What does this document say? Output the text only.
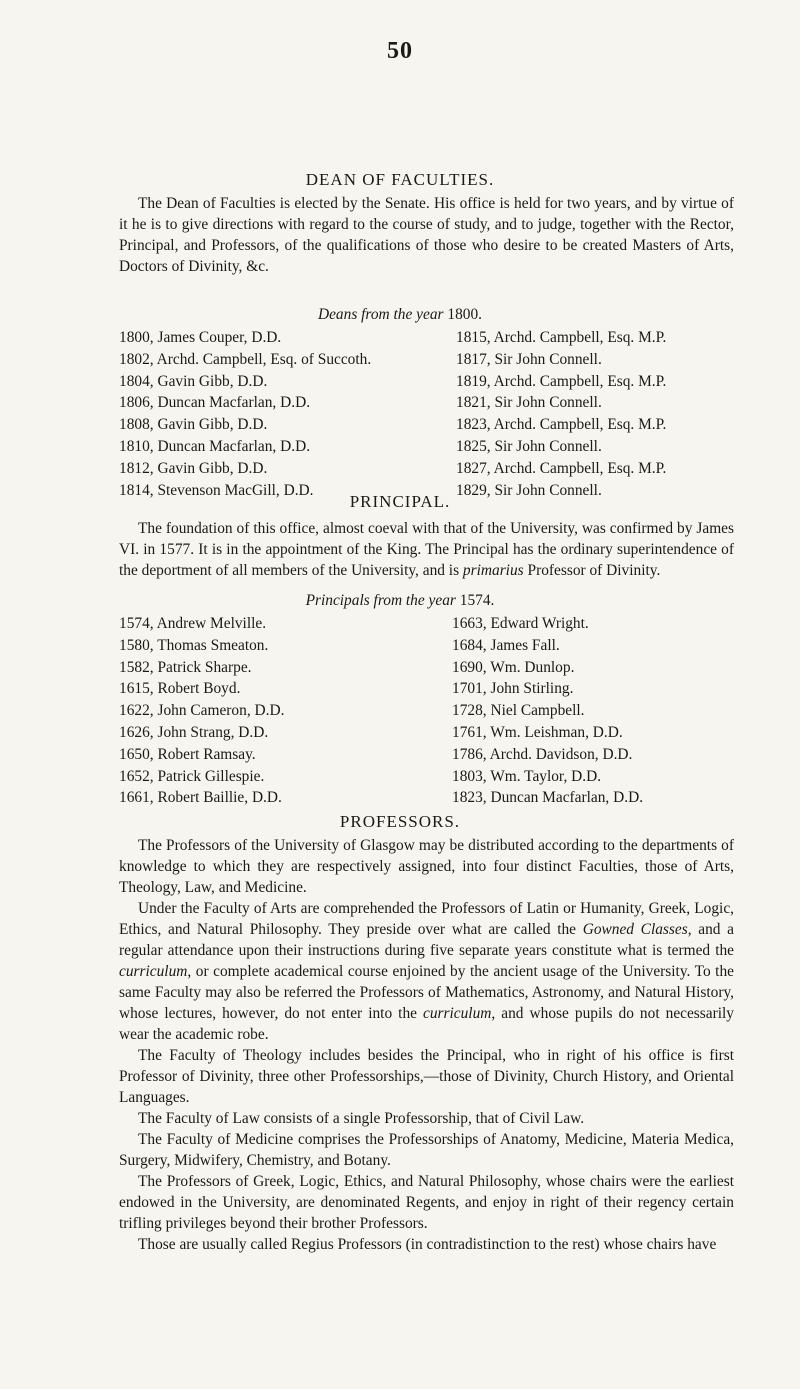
50
DEAN OF FACULTIES.

The Dean of Faculties is elected by the Senate. His office is held for two years, and by virtue of it he is to give directions with regard to the course of study, and to judge, together with the Rector, Principal, and Professors, of the qualifications of those who desire to be created Masters of Arts, Doctors of Divinity, &c.

Deans from the year 1800.
1800, James Couper, D.D.
1802, Archd. Campbell, Esq. of Succoth.
1804, Gavin Gibb, D.D.
1806, Duncan Macfarlan, D.D.
1808, Gavin Gibb, D.D.
1810, Duncan Macfarlan, D.D.
1812, Gavin Gibb, D.D.
1814, Stevenson MacGill, D.D.
1815, Archd. Campbell, Esq. M.P.
1817, Sir John Connell.
1819, Archd. Campbell, Esq. M.P.
1821, Sir John Connell.
1823, Archd. Campbell, Esq. M.P.
1825, Sir John Connell.
1827, Archd. Campbell, Esq. M.P.
1829, Sir John Connell.
PRINCIPAL.

The foundation of this office, almost coeval with that of the University, was confirmed by James VI. in 1577. It is in the appointment of the King. The Principal has the ordinary superintendence of the deportment of all members of the University, and is primarius Professor of Divinity.

Principals from the year 1574.
1574, Andrew Melville.
1580, Thomas Smeaton.
1582, Patrick Sharpe.
1615, Robert Boyd.
1622, John Cameron, D.D.
1626, John Strang, D.D.
1650, Robert Ramsay.
1652, Patrick Gillespie.
1661, Robert Baillie, D.D.
1663, Edward Wright.
1684, James Fall.
1690, Wm. Dunlop.
1701, John Stirling.
1728, Niel Campbell.
1761, Wm. Leishman, D.D.
1786, Archd. Davidson, D.D.
1803, Wm. Taylor, D.D.
1823, Duncan Macfarlan, D.D.
PROFESSORS.

The Professors of the University of Glasgow may be distributed according to the departments of knowledge to which they are respectively assigned, into four distinct Faculties, those of Arts, Theology, Law, and Medicine.

Under the Faculty of Arts are comprehended the Professors of Latin or Humanity, Greek, Logic, Ethics, and Natural Philosophy. They preside over what are called the Gowned Classes, and a regular attendance upon their instructions during five separate years constitute what is termed the curriculum, or complete academical course enjoined by the ancient usage of the University. To the same Faculty may also be referred the Professors of Mathematics, Astronomy, and Natural History, whose lectures, however, do not enter into the curriculum, and whose pupils do not necessarily wear the academic robe.

The Faculty of Theology includes besides the Principal, who in right of his office is first Professor of Divinity, three other Professorships,—those of Divinity, Church History, and Oriental Languages.

The Faculty of Law consists of a single Professorship, that of Civil Law.

The Faculty of Medicine comprises the Professorships of Anatomy, Medicine, Materia Medica, Surgery, Midwifery, Chemistry, and Botany.

The Professors of Greek, Logic, Ethics, and Natural Philosophy, whose chairs were the earliest endowed in the University, are denominated Regents, and enjoy in right of their regency certain trifling privileges beyond their brother Professors.

Those are usually called Regius Professors (in contradistinction to the rest) whose chairs have
